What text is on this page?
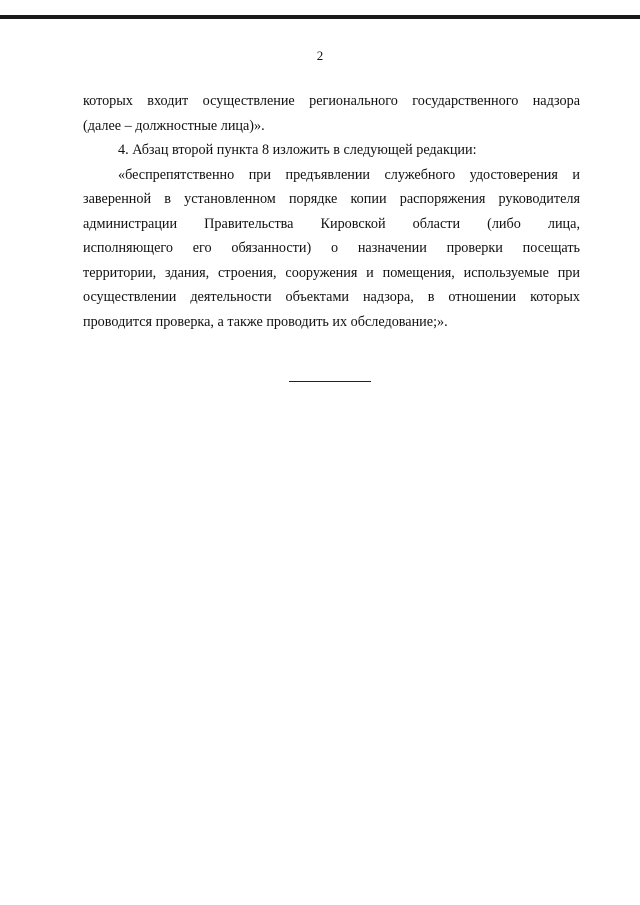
2
которых входит осуществление регионального государственного надзора
(далее – должностные лица)».
4. Абзац второй пункта 8 изложить в следующей редакции:
«беспрепятственно при предъявлении служебного удостоверения и
заверенной в установленном порядке копии распоряжения руководителя
администрации Правительства Кировской области (либо лица,
исполняющего его обязанности) о назначении проверки посещать
территории, здания, строения, сооружения и помещения, используемые при
осуществлении деятельности объектами надзора, в отношении которых
проводится проверка, а также проводить их обследование;».
